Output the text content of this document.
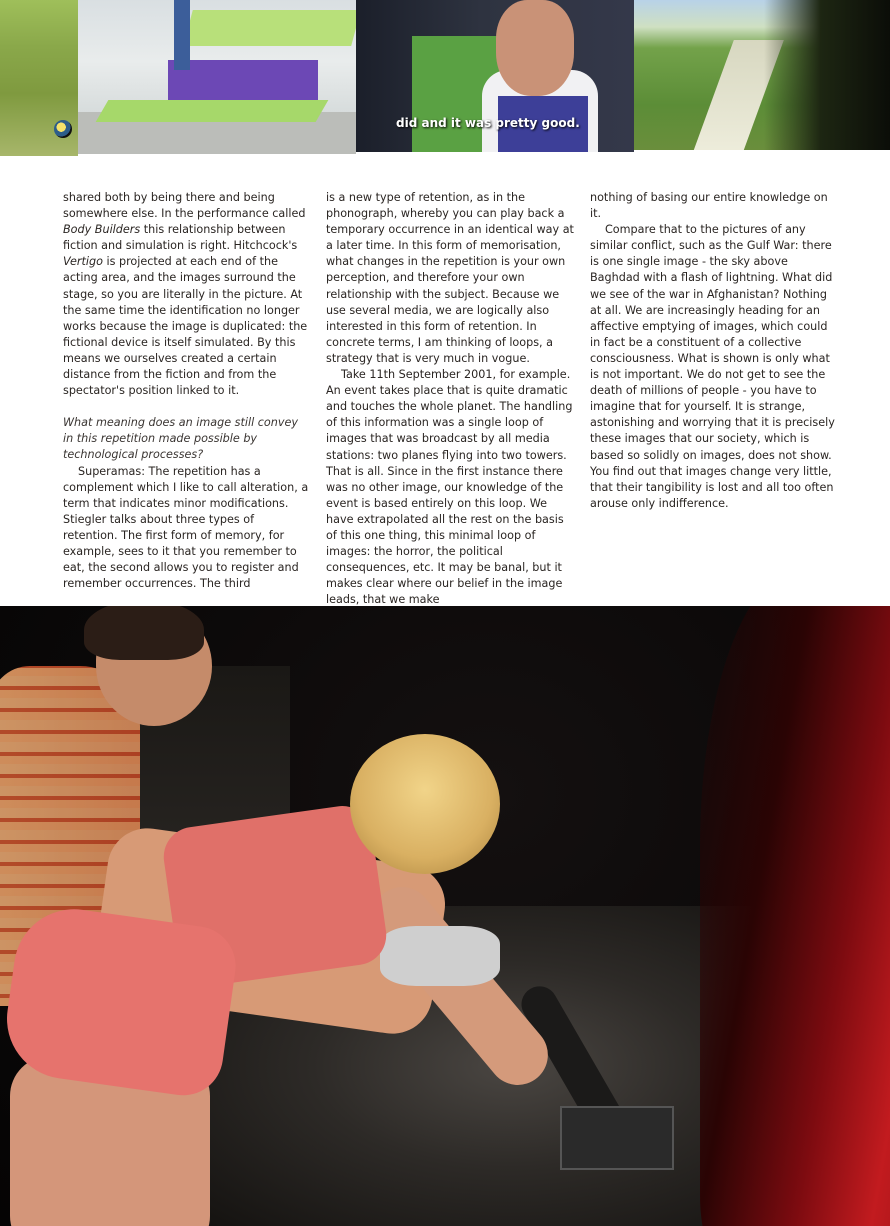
did and it was pretty good.

shared both by being there and being somewhere else. In the performance called Body Builders this relationship between fiction and simulation is right. Hitchcock's Vertigo is projected at each end of the acting area, and the images surround the stage, so you are literally in the picture. At the same time the identification no longer works because the image is duplicated: the fictional device is itself simulated. By this means we ourselves created a certain distance from the fiction and from the spectator's position linked to it.

What meaning does an image still convey in this repetition made possible by technological processes?

Superamas: The repetition has a complement which I like to call alteration, a term that indicates minor modifications. Stiegler talks about three types of retention. The first form of memory, for example, sees to it that you remember to eat, the second allows you to register and remember occurrences. The third

is a new type of retention, as in the phonograph, whereby you can play back a temporary occurrence in an identical way at a later time. In this form of memorisation, what changes in the repetition is your own perception, and therefore your own relationship with the subject. Because we use several media, we are logically also interested in this form of retention. In concrete terms, I am thinking of loops, a strategy that is very much in vogue.

Take 11th September 2001, for example. An event takes place that is quite dramatic and touches the whole planet. The handling of this information was a single loop of images that was broadcast by all media stations: two planes flying into two towers. That is all. Since in the first instance there was no other image, our knowledge of the event is based entirely on this loop. We have extrapolated all the rest on the basis of this one thing, this minimal loop of images: the horror, the political consequences, etc. It may be banal, but it makes clear where our belief in the image leads, that we make

nothing of basing our entire knowledge on it.

Compare that to the pictures of any similar conflict, such as the Gulf War: there is one single image - the sky above Baghdad with a flash of lightning. What did we see of the war in Afghanistan? Nothing at all. We are increasingly heading for an affective emptying of images, which could in fact be a constituent of a collective consciousness. What is shown is only what is not important. We do not get to see the death of millions of people - you have to imagine that for yourself. It is strange, astonishing and worrying that it is precisely these images that our society, which is based so solidly on images, does not show. You find out that images change very little, that their tangibility is lost and all too often arouse only indifference.
